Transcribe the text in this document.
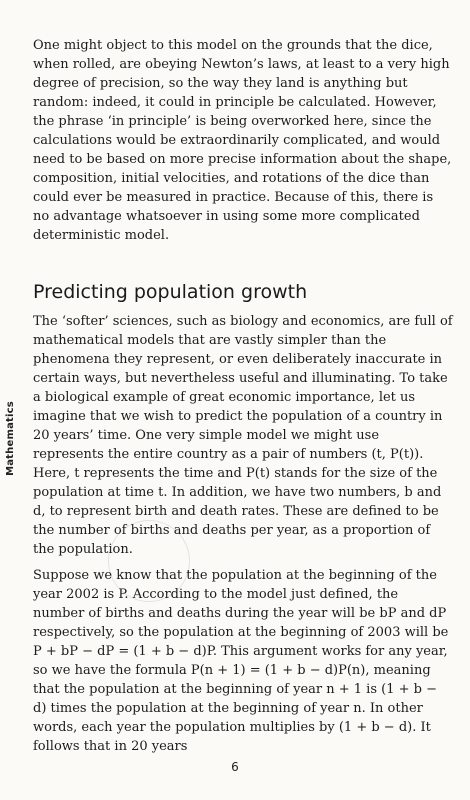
One might object to this model on the grounds that the dice, when rolled, are obeying Newton’s laws, at least to a very high degree of precision, so the way they land is anything but random: indeed, it could in principle be calculated. However, the phrase ‘in principle’ is being overworked here, since the calculations would be extraordinarily complicated, and would need to be based on more precise information about the shape, composition, initial velocities, and rotations of the dice than could ever be measured in practice. Because of this, there is no advantage whatsoever in using some more complicated deterministic model.

Predicting population growth

The ‘softer’ sciences, such as biology and economics, are full of mathematical models that are vastly simpler than the phenomena they represent, or even deliberately inaccurate in certain ways, but nevertheless useful and illuminating. To take a biological example of great economic importance, let us imagine that we wish to predict the population of a country in 20 years’ time. One very simple model we might use represents the entire country as a pair of numbers (t, P(t)). Here, t represents the time and P(t) stands for the size of the population at time t. In addition, we have two numbers, b and d, to represent birth and death rates. These are defined to be the number of births and deaths per year, as a proportion of the population.

Suppose we know that the population at the beginning of the year 2002 is P. According to the model just defined, the number of births and deaths during the year will be bP and dP respectively, so the population at the beginning of 2003 will be P + bP − dP = (1 + b − d)P. This argument works for any year, so we have the formula P(n + 1) = (1 + b − d)P(n), meaning that the population at the beginning of year n + 1 is (1 + b − d) times the population at the beginning of year n. In other words, each year the population multiplies by (1 + b − d). It follows that in 20 years

Mathematics
6
